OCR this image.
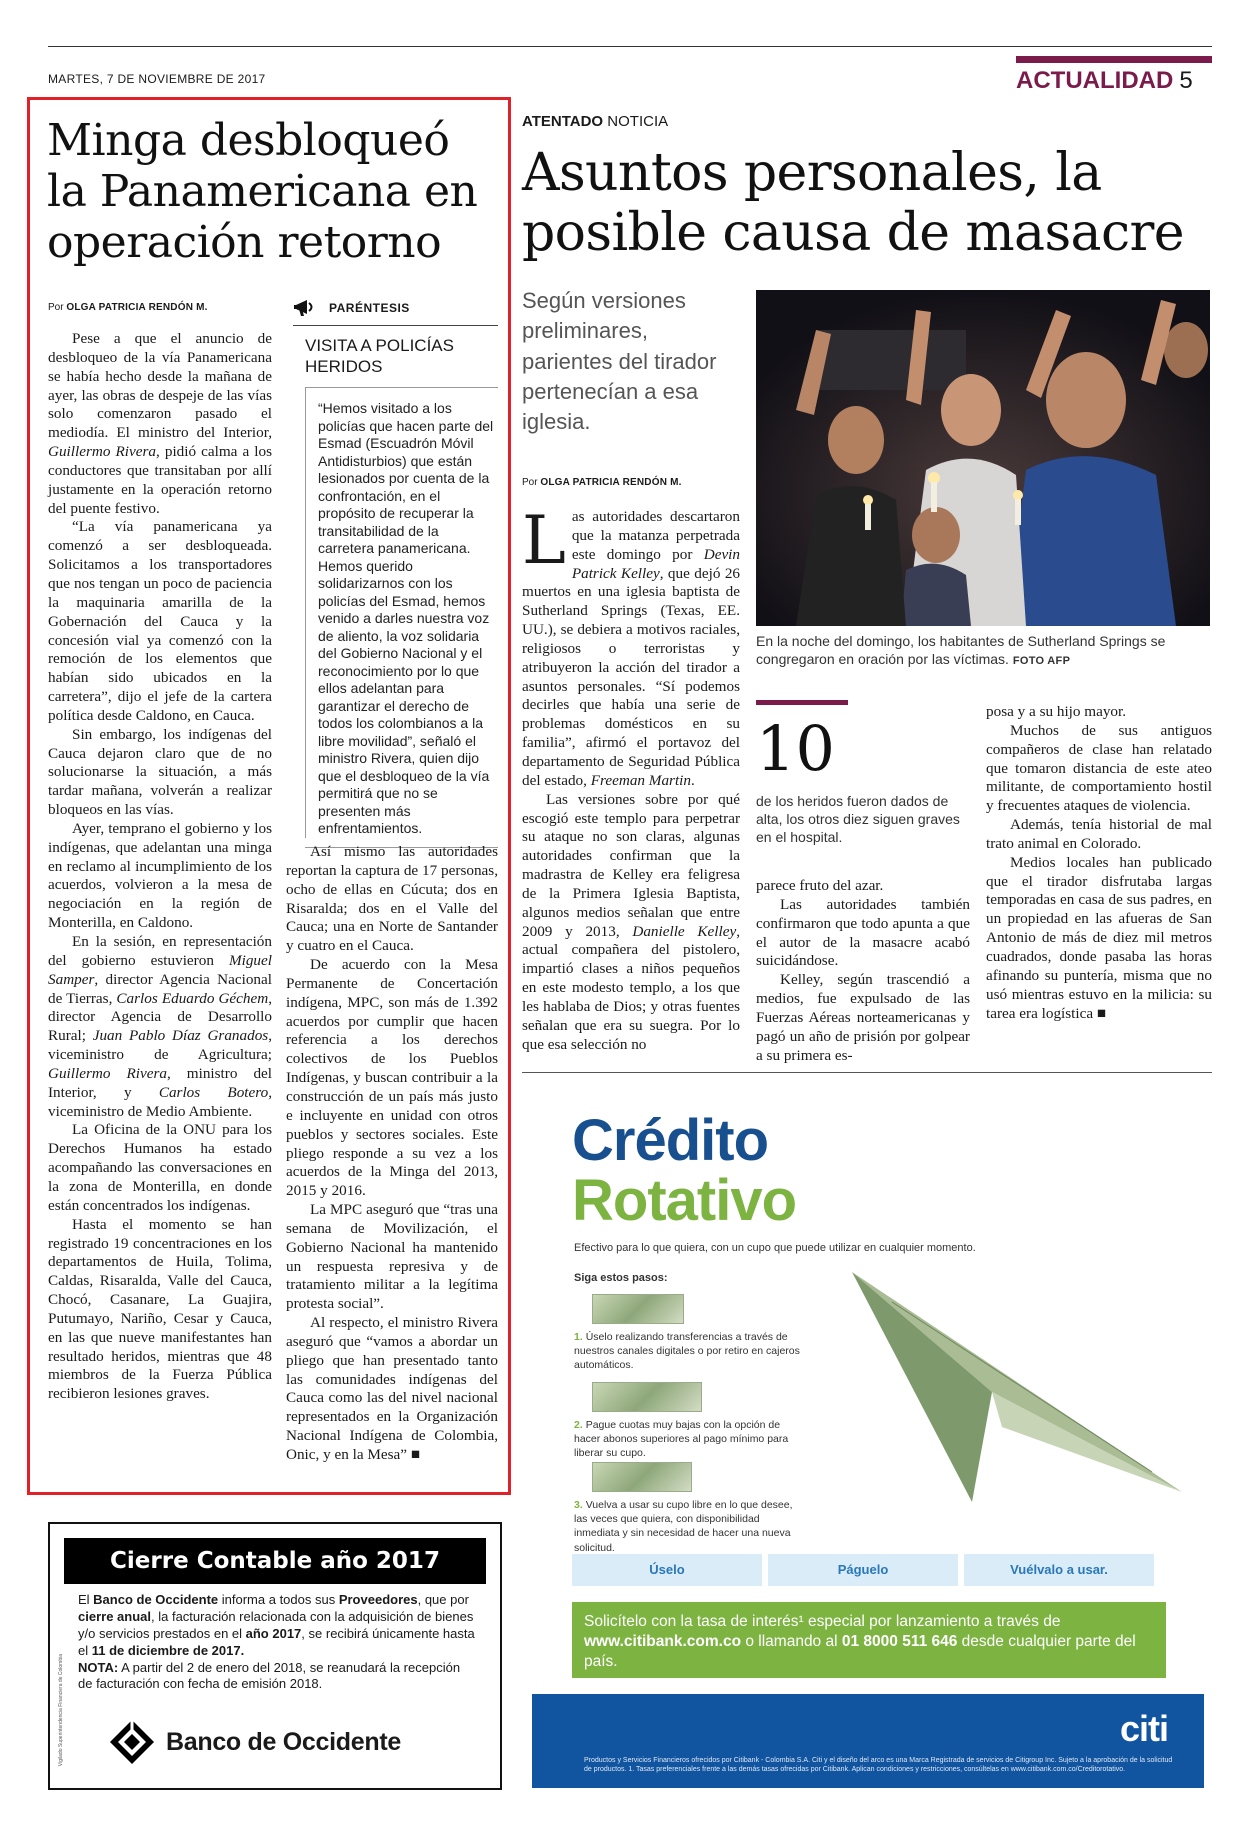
MARTES, 7 DE NOVIEMBRE DE 2017	ACTUALIDAD 5
Minga desbloqueó la Panamericana en operación retorno
Por OLGA PATRICIA RENDÓN M.

Pese a que el anuncio de desbloqueo de la vía Panamericana se había hecho desde la mañana de ayer, las obras de despeje de las vías solo comenzaron pasado el mediodía. El ministro del Interior, Guillermo Rivera, pidió calma a los conductores que transitaban por allí justamente en la operación retorno del puente festivo.

“La vía panamericana ya comenzó a ser desbloqueada. Solicitamos a los transportadores que nos tengan un poco de paciencia la maquinaria amarilla de la Gobernación del Cauca y la concesión vial ya comenzó con la remoción de los elementos que habían sido ubicados en la carretera”, dijo el jefe de la cartera política desde Caldono, en Cauca.

Sin embargo, los indígenas del Cauca dejaron claro que de no solucionarse la situación, a más tardar mañana, volverán a realizar bloqueos en las vías.

Ayer, temprano el gobierno y los indígenas, que adelantan una minga en reclamo al incumplimiento de los acuerdos, volvieron a la mesa de negociación en la región de Monterilla, en Caldono.

En la sesión, en representación del gobierno estuvieron Miguel Samper, director Agencia Nacional de Tierras, Carlos Eduardo Géchem, director Agencia de Desarrollo Rural; Juan Pablo Díaz Granados, viceministro de Agricultura; Guillermo Rivera, ministro del Interior, y Carlos Botero, viceministro de Medio Ambiente.

La Oficina de la ONU para los Derechos Humanos ha estado acompañando las conversaciones en la zona de Monterilla, en donde están concentrados los indígenas.

Hasta el momento se han registrado 19 concentraciones en los departamentos de Huila, Tolima, Caldas, Risaralda, Valle del Cauca, Chocó, Casanare, La Guajira, Putumayo, Nariño, Cesar y Cauca, en las que nueve manifestantes han resultado heridos, mientras que 48 miembros de la Fuerza Pública recibieron lesiones graves.

PARÉNTESIS
VISITA A POLICÍAS HERIDOS
“Hemos visitado a los policías que hacen parte del Esmad (Escuadrón Móvil Antidisturbios) que están lesionados por cuenta de la confrontación, en el propósito de recuperar la transitabilidad de la carretera panamericana. Hemos querido solidarizarnos con los policías del Esmad, hemos venido a darles nuestra voz de aliento, la voz solidaria del Gobierno Nacional y el reconocimiento por lo que ellos adelantan para garantizar el derecho de todos los colombianos a la libre movilidad”, señaló el ministro Rivera, quien dijo que el desbloqueo de la vía permitirá que no se presenten más enfrentamientos.

Así mismo las autoridades reportan la captura de 17 personas, ocho de ellas en Cúcuta; dos en Risaralda; dos en el Valle del Cauca; una en Norte de Santander y cuatro en el Cauca.

De acuerdo con la Mesa Permanente de Concertación indígena, MPC, son más de 1.392 acuerdos por cumplir que hacen referencia a los derechos colectivos de los Pueblos Indígenas, y buscan contribuir a la construcción de un país más justo e incluyente en unidad con otros pueblos y sectores sociales. Este pliego responde a su vez a los acuerdos de la Minga del 2013, 2015 y 2016.

La MPC aseguró que “tras una semana de Movilización, el Gobierno Nacional ha mantenido un respuesta represiva y de tratamiento militar a la legítima protesta social”.

Al respecto, el ministro Rivera aseguró que “vamos a abordar un pliego que han presentado tanto las comunidades indígenas del Cauca como las del nivel nacional representados en la Organización Nacional Indígena de Colombia, Onic, y en la Mesa” ■

ATENTADO NOTICIA
Asuntos personales, la posible causa de masacre
Según versiones preliminares, parientes del tirador pertenecían a esa iglesia.
En la noche del domingo, los habitantes de Sutherland Springs se congregaron en oración por las víctimas. FOTO AFP
Por OLGA PATRICIA RENDÓN M.

Las autoridades descartaron que la matanza perpetrada este domingo por Devin Patrick Kelley, que dejó 26 muertos en una iglesia baptista de Sutherland Springs (Texas, EE. UU.), se debiera a motivos raciales, religiosos o terroristas y atribuyeron la acción del tirador a asuntos personales. “Sí podemos decirles que había una serie de problemas domésticos en su familia”, afirmó el portavoz del departamento de Seguridad Pública del estado, Freeman Martin.

Las versiones sobre por qué escogió este templo para perpetrar su ataque no son claras, algunas autoridades confirman que la madrastra de Kelley era feligresa de la Primera Iglesia Baptista, algunos medios señalan que entre 2009 y 2013, Danielle Kelley, actual compañera del pistolero, impartió clases a niños pequeños en este modesto templo, a los que les hablaba de Dios; y otras fuentes señalan que era su suegra. Por lo que esa selección no

10
de los heridos fueron dados de alta, los otros diez siguen graves en el hospital.

parece fruto del azar.

Las autoridades también confirmaron que todo apunta a que el autor de la masacre acabó suicidándose.

Kelley, según trascendió a medios, fue expulsado de las Fuerzas Aéreas norteamericanas y pagó un año de prisión por golpear a su primera es-

posa y a su hijo mayor.

Muchos de sus antiguos compañeros de clase han relatado que tomaron distancia de este ateo militante, de comportamiento hostil y frecuentes ataques de violencia.

Además, tenía historial de mal trato animal en Colorado.

Medios locales han publicado que el tirador disfrutaba largas temporadas en casa de sus padres, en un propiedad en las afueras de San Antonio de más de diez mil metros cuadrados, donde pasaba las horas afinando su puntería, misma que no usó mientras estuvo en la milicia: su tarea era logística ■

Cierre Contable año 2017
El Banco de Occidente informa a todos sus Proveedores, que por cierre anual, la facturación relacionada con la adquisición de bienes y/o servicios prestados en el año 2017, se recibirá únicamente hasta el 11 de diciembre de 2017.
NOTA: A partir del 2 de enero del 2018, se reanudará la recepción de facturación con fecha de emisión 2018.
Vigilado Superintendencia Financiera de Colombia	Banco de Occidente
Crédito
Rotativo
Efectivo para lo que quiera, con un cupo que puede utilizar en cualquier momento.
Siga estos pasos:
1. Úselo realizando transferencias a través de nuestros canales digitales o por retiro en cajeros automáticos.
2. Pague cuotas muy bajas con la opción de hacer abonos superiores al pago mínimo para liberar su cupo.
3. Vuelva a usar su cupo libre en lo que desee, las veces que quiera, con disponibilidad inmediata y sin necesidad de hacer una nueva solicitud.
Úselo	Páguelo	Vuélvalo a usar.
Solicítelo con la tasa de interés¹ especial por lanzamiento a través de www.citibank.com.co o llamando al 01 8000 511 646 desde cualquier parte del país.
citi
Productos y Servicios Financieros ofrecidos por Citibank - Colombia S.A. Citi y el diseño del arco es una Marca Registrada de servicios de Citigroup Inc. Sujeto a la aprobación de la solicitud de productos. 1. Tasas preferenciales frente a las demás tasas ofrecidas por Citibank. Aplican condiciones y restricciones, consúltelas en www.citibank.com.co/Creditorotativo.
